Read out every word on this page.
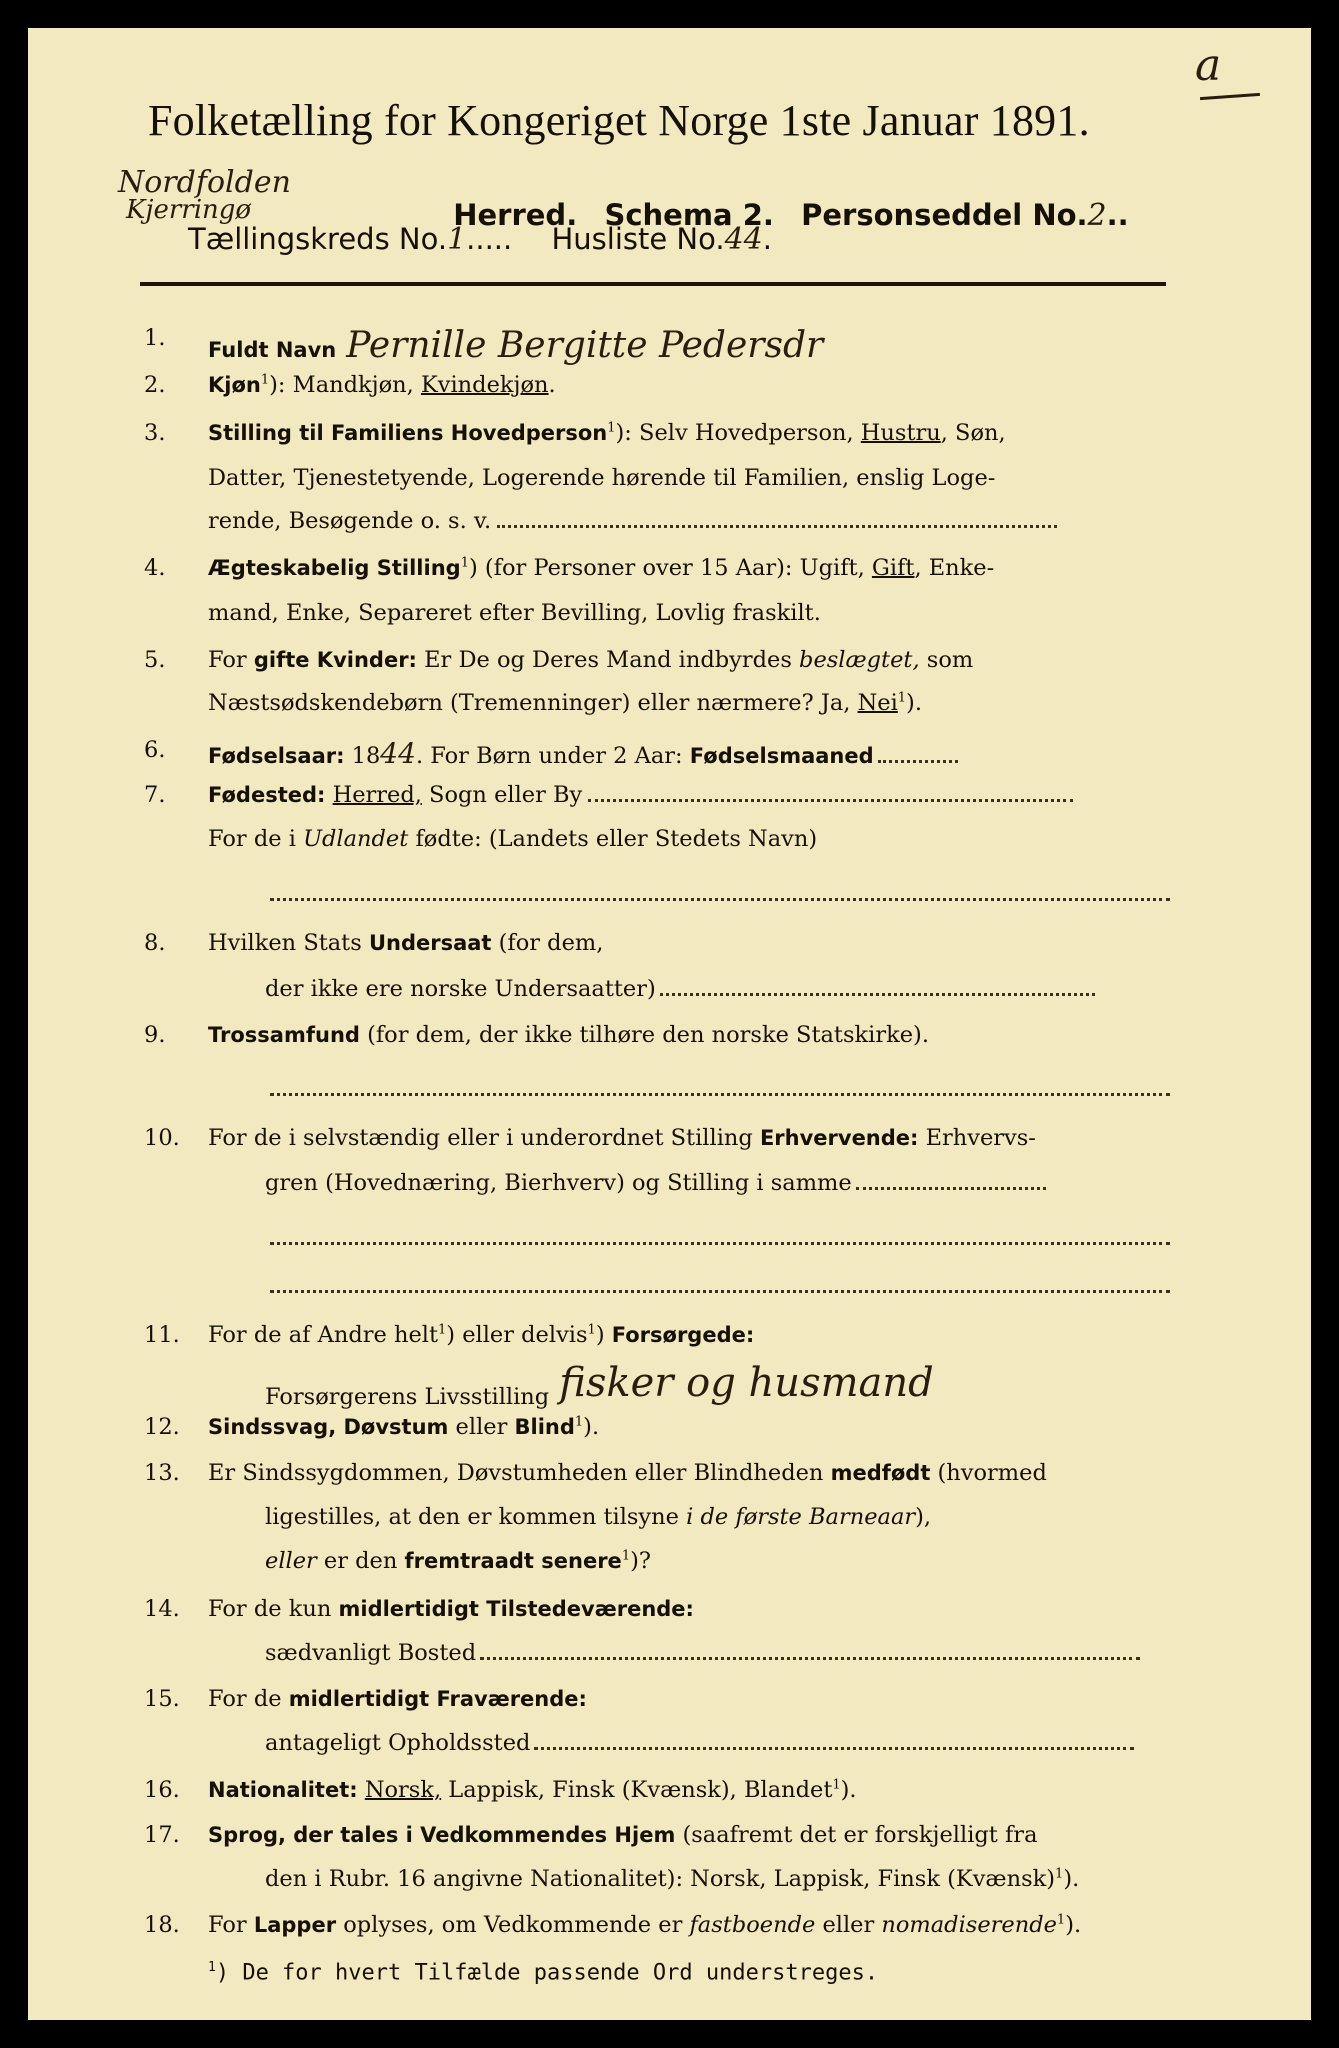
a
Folketælling for Kongeriget Norge 1ste Januar 1891.
Nordfolden
Kjerringø	Herred. Schema 2. Personseddel No.2..
Tællingskreds No.1..... Husliste No.44.
Fuldt Navn Pernille Bergitte Pedersdr
Kjøn$^1$): Mandkjøn, Kvindekjøn.
Stilling til Familiens Hovedperson$^1$): Selv Hovedperson, Hustru, Søn,
Datter, Tjenestetyende, Logerende hørende til Familien, enslig Loge-
rende, Besøgende o. s. v.
Ægteskabelig Stilling$^1$) (for Personer over 15 Aar): Ugift, Gift, Enke-
mand, Enke, Separeret efter Bevilling, Lovlig fraskilt.
For gifte Kvinder: Er De og Deres Mand indbyrdes beslægtet, som
Næstsødskendebørn (Tremenninger) eller nærmere? Ja, Nei$^1$).
Fødselsaar: 1844. For Børn under 2 Aar: Fødselsmaaned
Fødested: Herred, Sogn eller By
For de i Udlandet fødte: (Landets eller Stedets Navn)
Hvilken Stats Undersaat (for dem,
der ikke ere norske Undersaatter)
Trossamfund (for dem, der ikke tilhøre den norske Statskirke).
For de i selvstændig eller i underordnet Stilling Erhvervende: Erhvervs-
gren (Hovednæring, Bierhverv) og Stilling i samme
For de af Andre helt$^1$) eller delvis$^1$) Forsørgede:
Forsørgerens Livsstilling fisker og husmand
Sindssvag, Døvstum eller Blind$^1$).
Er Sindssygdommen, Døvstumheden eller Blindheden medfødt (hvormed
ligestilles, at den er kommen tilsyne i de første Barneaar),
eller er den fremtraadt senere$^1$)?
For de kun midlertidigt Tilstedeværende:
sædvanligt Bosted
For de midlertidigt Fraværende:
antageligt Opholdssted
Nationalitet: Norsk, Lappisk, Finsk (Kvænsk), Blandet$^1$).
Sprog, der tales i Vedkommendes Hjem (saafremt det er forskjelligt fra
den i Rubr. 16 angivne Nationalitet): Norsk, Lappisk, Finsk (Kvænsk)$^1$).
For Lapper oplyses, om Vedkommende er fastboende eller nomadiserende$^1$).
$^1$) De for hvert Tilfælde passende Ord understreges.
